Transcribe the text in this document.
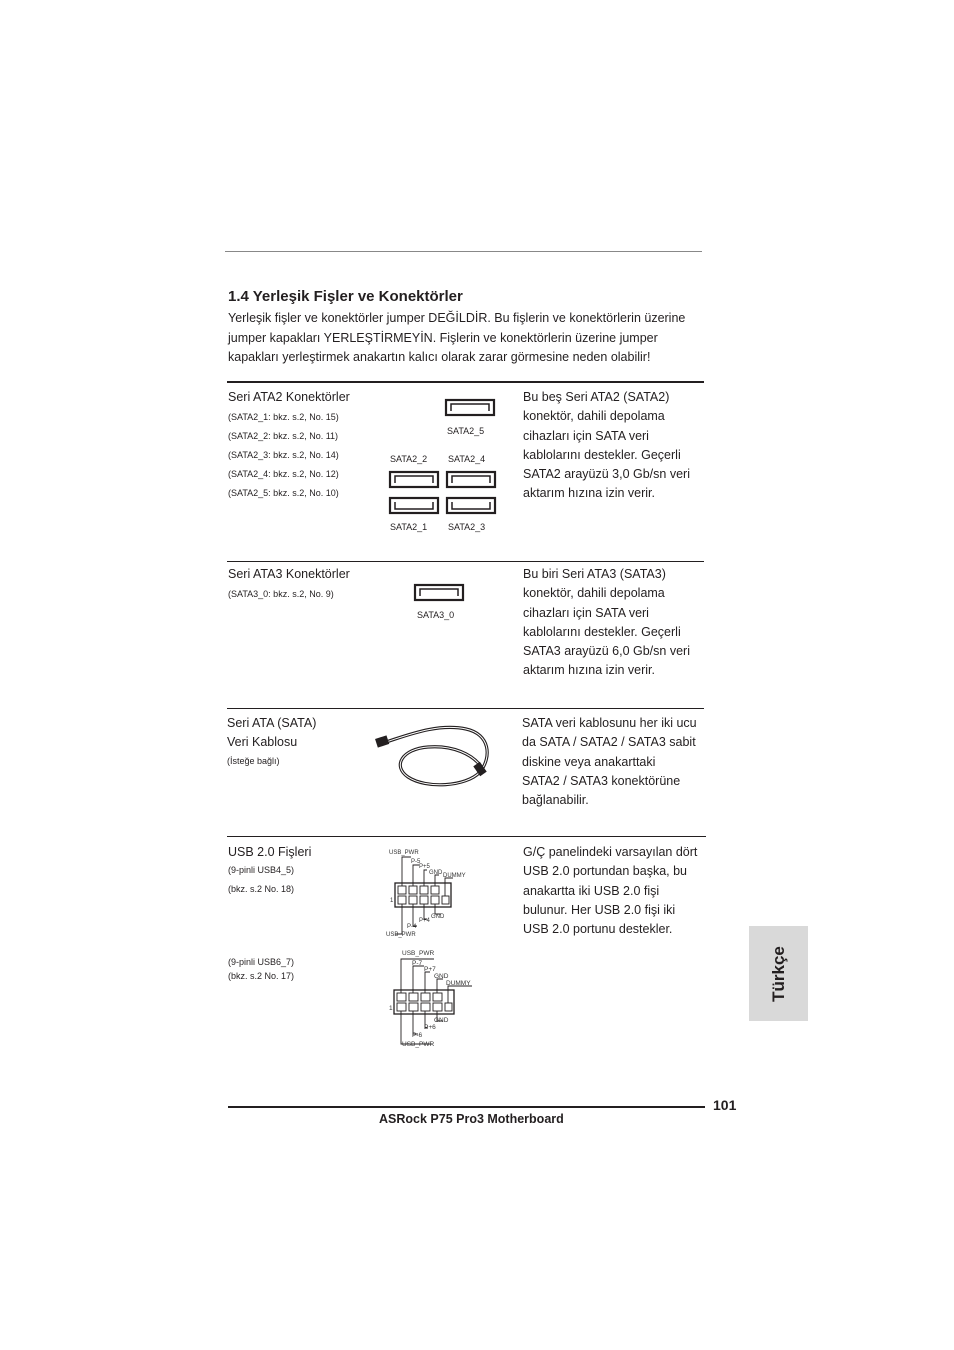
1.4 Yerleşik Fişler ve Konektörler
Yerleşik fişler ve konektörler jumper DEĞİLDİR. Bu fişlerin ve konektörlerin üzerine
jumper kapakları YERLEŞTİRMEYİN. Fişlerin ve konektörlerin üzerine jumper
kapakları yerleştirmek anakartın kalıcı olarak zarar görmesine neden olabilir!
Seri ATA2 Konektörler
(SATA2_1: bkz. s.2, No. 15)
(SATA2_2: bkz. s.2, No. 11)
(SATA2_3: bkz. s.2, No. 14)
(SATA2_4: bkz. s.2, No. 12)
(SATA2_5: bkz. s.2, No. 10)
SATA2_5
SATA2_2 SATA2_4
SATA2_1 SATA2_3
Bu beş Seri ATA2 (SATA2)
konektör, dahili depolama
cihazları için SATA veri
kablolarını destekler. Geçerli
SATA2 arayüzü 3,0 Gb/sn veri
aktarım hızına izin verir.
Seri ATA3 Konektörler
(SATA3_0: bkz. s.2, No. 9)
SATA3_0
Bu biri Seri ATA3 (SATA3)
konektör, dahili depolama
cihazları için SATA veri
kablolarını destekler. Geçerli
SATA3 arayüzü 6,0 Gb/sn veri
aktarım hızına izin verir.
Seri ATA (SATA)
Veri Kablosu
(İsteğe bağlı)
SATA veri kablosunu her iki ucu
da SATA / SATA2 / SATA3 sabit
diskine veya anakarttaki
SATA2 / SATA3 konektörüne
bağlanabilir.
USB 2.0 Fişleri
(9-pinli USB4_5)
(bkz. s.2 No. 18)
(9-pinli USB6_7)
(bkz. s.2 No. 17)
USB_PWR
P-5
P+5
GND DUMMY
1
GND
P+4
P-4
USB_PWR
USB_PWR
P-7
P+7
GND
DUMMY
1
GND
P+6
P-6
USB_PWR
G/Ç panelindeki varsayılan dört
USB 2.0 portundan başka, bu
anakartta iki USB 2.0 fişi
bulunur. Her USB 2.0 fişi iki
USB 2.0 portunu destekler.
Türkçe
101
ASRock P75 Pro3 Motherboard
